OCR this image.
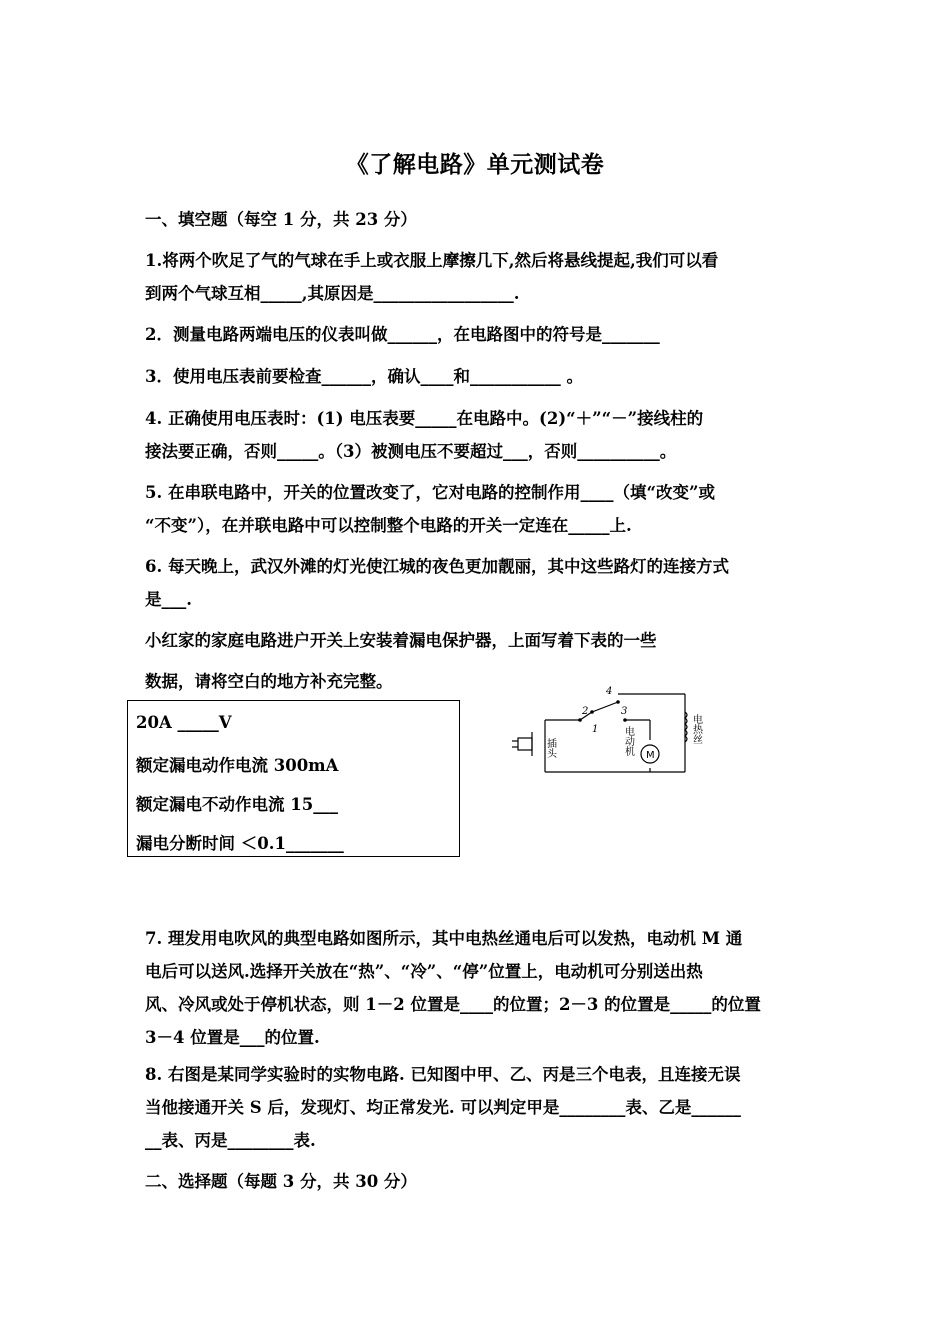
《了解电路》单元测试卷
一、填空题（每空 1 分，共 23 分）
1.将两个吹足了气的气球在手上或衣服上摩擦几下,然后将悬线提起,我们可以看
到两个气球互相_____,其原因是_________________.
2．测量电路两端电压的仪表叫做______，在电路图中的符号是_______
3．使用电压表前要检查______，确认____和___________ 。
4. 正确使用电压表时：(1) 电压表要_____在电路中。(2)“＋”“－”接线柱的
接法要正确，否则_____。（3）被测电压不要超过___，否则__________。
5. 在串联电路中，开关的位置改变了，它对电路的控制作用____（填“改变”或
“不变”），在并联电路中可以控制整个电路的开关一定连在_____上.
6. 每天晚上，武汉外滩的灯光使江城的夜色更加靓丽，其中这些路灯的连接方式
是___.
小红家的家庭电路进户开关上安装着漏电保护器，上面写着下表的一些
数据，请将空白的地方补充完整。
20A _____V
额定漏电动作电流 300mA
额定漏电不动作电流 15___
漏电分断时间 ＜0.1_______
4
2	3
1
插头	电动机 M
电热丝
7. 理发用电吹风的典型电路如图所示，其中电热丝通电后可以发热，电动机 M 通
电后可以送风.选择开关放在“热”、“冷”、“停”位置上，电动机可分别送出热
风、冷风或处于停机状态，则 1－2 位置是____的位置；2－3 的位置是_____的位置
3－4 位置是___的位置.
8. 右图是某同学实验时的实物电路. 已知图中甲、乙、丙是三个电表，且连接无误
当他接通开关 S 后，发现灯、均正常发光. 可以判定甲是________表、乙是______
__表、丙是________表.
二、选择题（每题 3 分，共 30 分）
